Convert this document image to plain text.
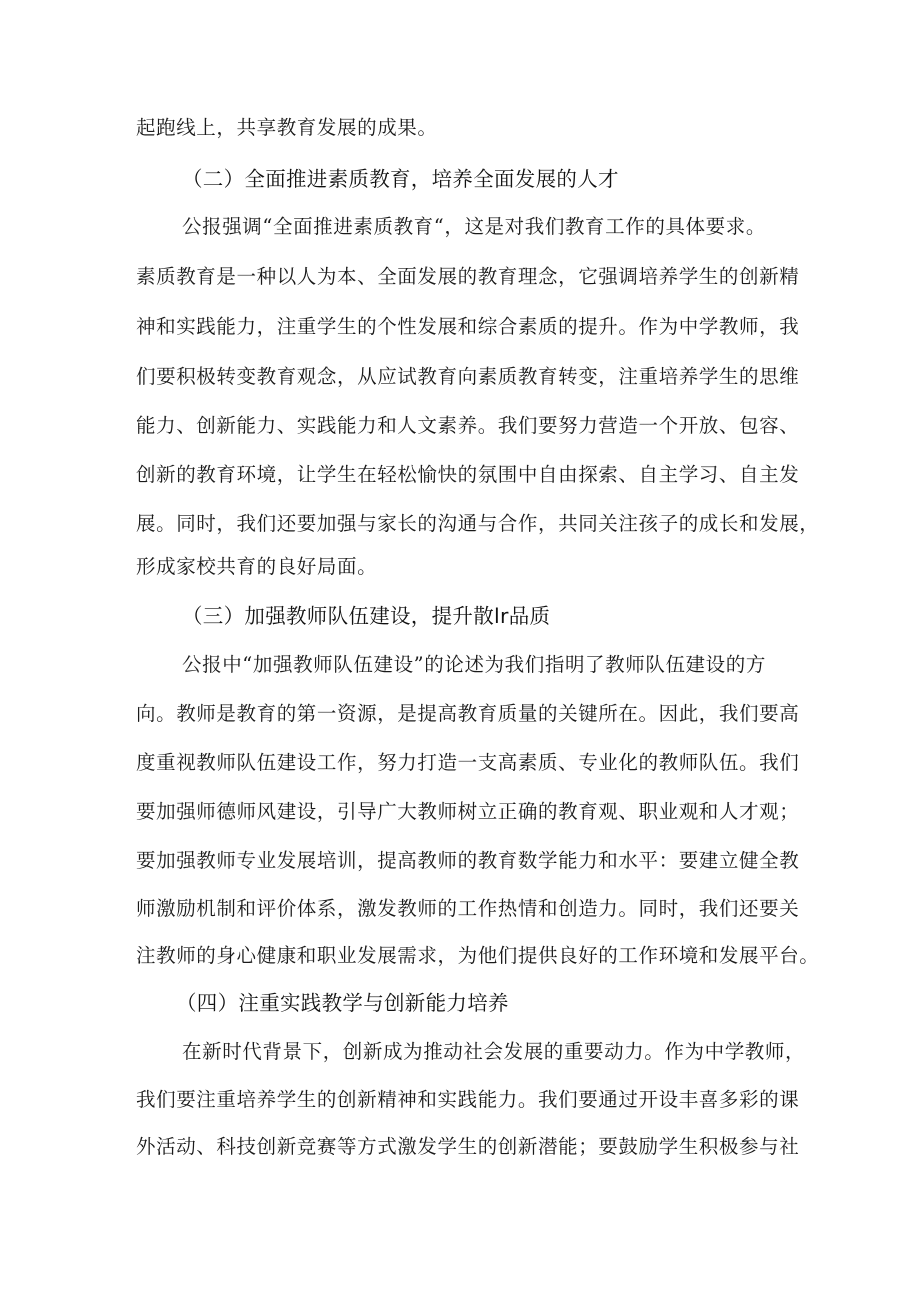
起跑线上，共享教育发展的成果。
（二）全面推进素质教育，培养全面发展的人才
公报强调“全面推进素质教育“，这是对我们教育工作的具体要求。
素质教育是一种以人为本、全面发展的教育理念，它强调培养学生的创新精
神和实践能力，注重学生的个性发展和综合素质的提升。作为中学教师，我
们要积极转变教育观念，从应试教育向素质教育转变，注重培养学生的思维
能力、创新能力、实践能力和人文素养。我们要努力营造一个开放、包容、
创新的教育环境，让学生在轻松愉快的氛围中自由探索、自主学习、自主发
展。同时，我们还要加强与家长的沟通与合作，共同关注孩子的成长和发展，
形成家校共育的良好局面。
（三）加强教师队伍建设，提升散lr品质
公报中“加强教师队伍建设”的论述为我们指明了教师队伍建设的方
向。教师是教育的第一资源，是提高教育质量的关键所在。因此，我们要高
度重视教师队伍建设工作，努力打造一支高素质、专业化的教师队伍。我们
要加强师德师风建设，引导广大教师树立正确的教育观、职业观和人才观；
要加强教师专业发展培训，提高教师的教育数学能力和水平：要建立健全教
师激励机制和评价体系，激发教师的工作热情和创造力。同时，我们还要关
注教师的身心健康和职业发展需求，为他们提供良好的工作环境和发展平台。
（四）注重实践教学与创新能力培养
在新时代背景下，创新成为推动社会发展的重要动力。作为中学教师，
我们要注重培养学生的创新精神和实践能力。我们要通过开设丰喜多彩的课
外活动、科技创新竞赛等方式激发学生的创新潜能；要鼓励学生积极参与社
